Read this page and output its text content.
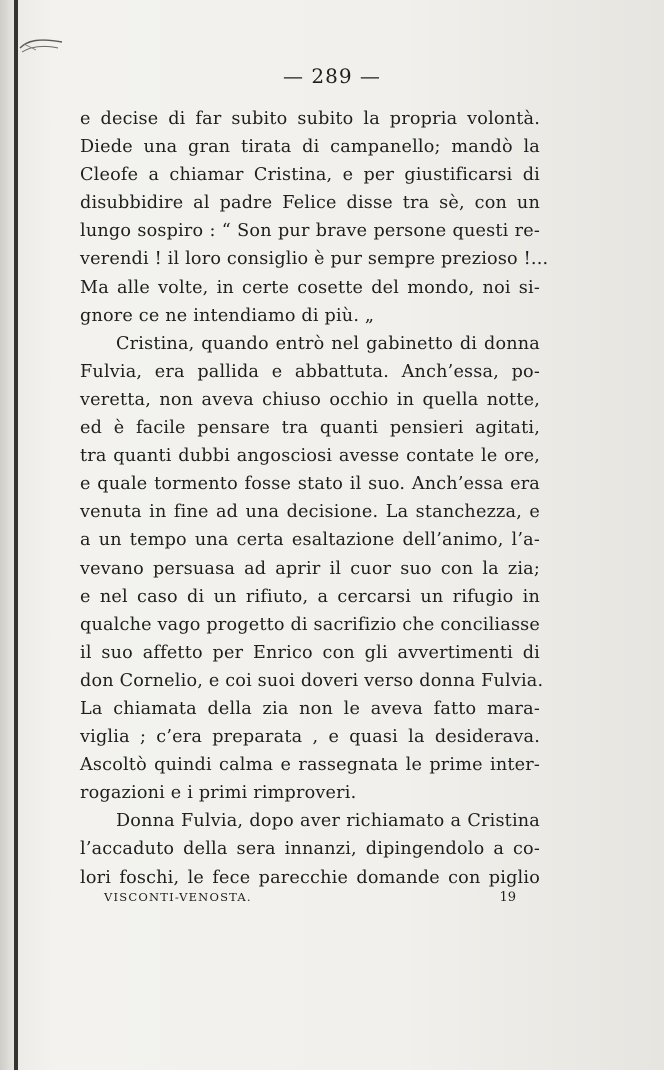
— 289 —
e decise di far subito subito la propria volontà.
Diede una gran tirata di campanello; mandò la
Cleofe a chiamar Cristina, e per giustificarsi di
disubbidire al padre Felice disse tra sè, con un
lungo sospiro : “ Son pur brave persone questi re-
verendi ! il loro consiglio è pur sempre prezioso !...
Ma alle volte, in certe cosette del mondo, noi si-
gnore ce ne intendiamo di più. „
Cristina, quando entrò nel gabinetto di donna
Fulvia, era pallida e abbattuta. Anch’essa, po-
veretta, non aveva chiuso occhio in quella notte,
ed è facile pensare tra quanti pensieri agitati,
tra quanti dubbi angosciosi avesse contate le ore,
e quale tormento fosse stato il suo. Anch’essa era
venuta in fine ad una decisione. La stanchezza, e
a un tempo una certa esaltazione dell’animo, l’a-
vevano persuasa ad aprir il cuor suo con la zia;
e nel caso di un rifiuto, a cercarsi un rifugio in
qualche vago progetto di sacrifizio che conciliasse
il suo affetto per Enrico con gli avvertimenti di
don Cornelio, e coi suoi doveri verso donna Fulvia.
La chiamata della zia non le aveva fatto mara-
viglia ; c’era preparata , e quasi la desiderava.
Ascoltò quindi calma e rassegnata le prime inter-
rogazioni e i primi rimproveri.
Donna Fulvia, dopo aver richiamato a Cristina
l’accaduto della sera innanzi, dipingendolo a co-
lori foschi, le fece parecchie domande con piglio
VISCONTI-VENOSTA.	19
